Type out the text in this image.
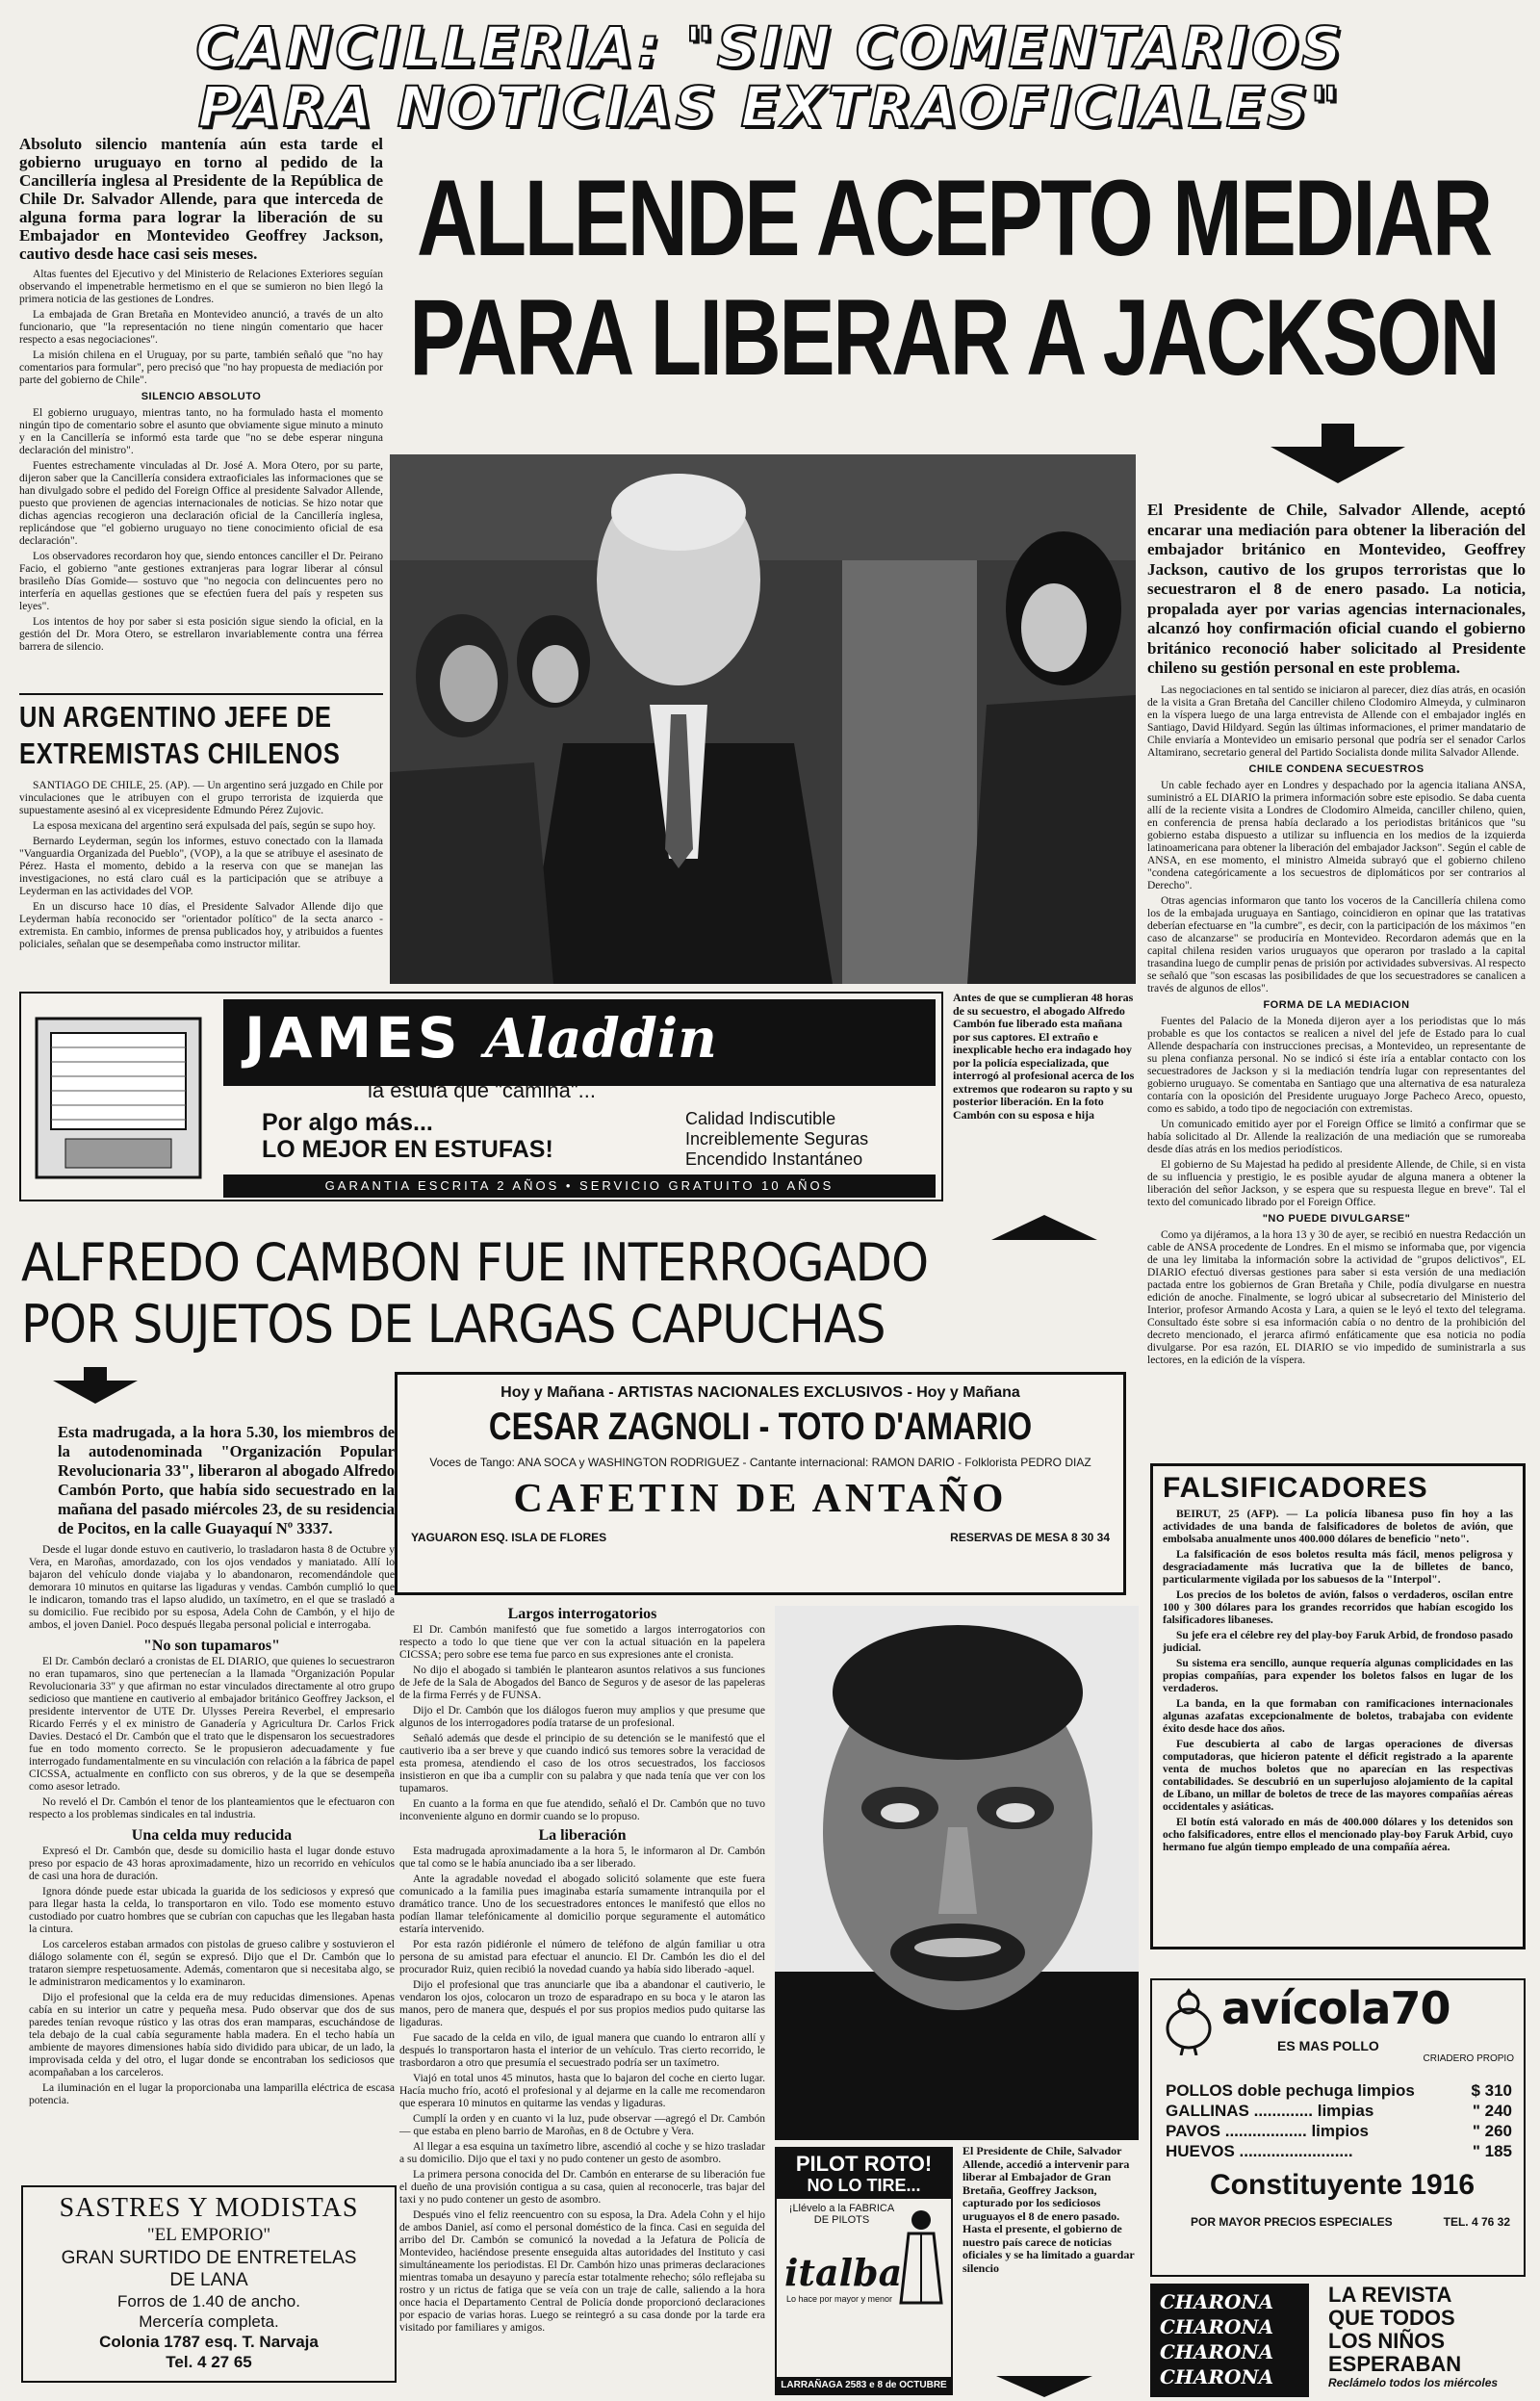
CANCILLERIA: "SIN COMENTARIOS
PARA NOTICIAS EXTRAOFICIALES"

Absoluto silencio mantenía aún esta tarde el gobierno uruguayo en torno al pedido de la Cancillería inglesa al Presidente de la República de Chile Dr. Salvador Allende, para que interceda de alguna forma para lograr la liberación de su Embajador en Montevideo Geoffrey Jackson, cautivo desde hace casi seis meses.

Altas fuentes del Ejecutivo y del Ministerio de Relaciones Exteriores seguían observando el impenetrable hermetismo en el que se sumieron no bien llegó la primera noticia de las gestiones de Londres.

La embajada de Gran Bretaña en Montevideo anunció, a través de un alto funcionario, que "la representación no tiene ningún comentario que hacer respecto a esas negociaciones".

La misión chilena en el Uruguay, por su parte, también señaló que "no hay comentarios para formular", pero precisó que "no hay propuesta de mediación por parte del gobierno de Chile".

SILENCIO ABSOLUTO

El gobierno uruguayo, mientras tanto, no ha formulado hasta el momento ningún tipo de comentario sobre el asunto que obviamente sigue minuto a minuto y en la Cancillería se informó esta tarde que "no se debe esperar ninguna declaración del ministro".

Fuentes estrechamente vinculadas al Dr. José A. Mora Otero, por su parte, dijeron saber que la Cancillería considera extraoficiales las informaciones que se han divulgado sobre el pedido del Foreign Office al presidente Salvador Allende, puesto que provienen de agencias internacionales de noticias. Se hizo notar que dichas agencias recogieron una declaración oficial de la Cancillería inglesa, replicándose que "el gobierno uruguayo no tiene conocimiento oficial de esa declaración".

Los observadores recordaron hoy que, siendo entonces canciller el Dr. Peirano Facio, el gobierno "ante gestiones extranjeras para lograr liberar al cónsul brasileño Días Gomide— sostuvo que "no negocia con delincuentes pero no interfería en aquellas gestiones que se efectúen fuera del país y respeten sus leyes".

Los intentos de hoy por saber si esta posición sigue siendo la oficial, en la gestión del Dr. Mora Otero, se estrellaron invariablemente contra una férrea barrera de silencio.

UN ARGENTINO JEFE DE
EXTREMISTAS CHILENOS

SANTIAGO DE CHILE, 25. (AP). — Un argentino será juzgado en Chile por vinculaciones que le atribuyen con el grupo terrorista de izquierda que supuestamente asesinó al ex vicepresidente Edmundo Pérez Zujovic.

La esposa mexicana del argentino será expulsada del país, según se supo hoy.

Bernardo Leyderman, según los informes, estuvo conectado con la llamada "Vanguardia Organizada del Pueblo", (VOP), a la que se atribuye el asesinato de Pérez. Hasta el momento, debido a la reserva con que se manejan las investigaciones, no está claro cuál es la participación que se atribuye a Leyderman en las actividades del VOP.

En un discurso hace 10 días, el Presidente Salvador Allende dijo que Leyderman había reconocido ser "orientador político" de la secta anarco - extremista. En cambio, informes de prensa publicados hoy, y atribuidos a fuentes policiales, señalan que se desempeñaba como instructor militar.

ALLENDE ACEPTO MEDIAR
PARA LIBERAR A JACKSON

El Presidente de Chile, Salvador Allende, aceptó encarar una mediación para obtener la liberación del embajador británico en Montevideo, Geoffrey Jackson, cautivo de los grupos terroristas que lo secuestraron el 8 de enero pasado. La noticia, propalada ayer por varias agencias internacionales, alcanzó hoy confirmación oficial cuando el gobierno británico reconoció haber solicitado al Presidente chileno su gestión personal en este problema.

Las negociaciones en tal sentido se iniciaron al parecer, diez días atrás, en ocasión de la visita a Gran Bretaña del Canciller chileno Clodomiro Almeyda, y culminaron en la víspera luego de una larga entrevista de Allende con el embajador inglés en Santiago, David Hildyard. Según las últimas informaciones, el primer mandatario de Chile enviaría a Montevideo un emisario personal que podría ser el senador Carlos Altamirano, secretario general del Partido Socialista donde milita Salvador Allende.

CHILE CONDENA SECUESTROS

Un cable fechado ayer en Londres y despachado por la agencia italiana ANSA, suministró a EL DIARIO la primera información sobre este episodio. Se daba cuenta allí de la reciente visita a Londres de Clodomiro Almeida, canciller chileno, quien, en conferencia de prensa había declarado a los periodistas británicos que "su gobierno estaba dispuesto a utilizar su influencia en los medios de la izquierda latinoamericana para obtener la liberación del embajador Jackson". Según el cable de ANSA, en ese momento, el ministro Almeida subrayó que el gobierno chileno "condena categóricamente a los secuestros de diplomáticos por ser contrarios al Derecho".

Otras agencias informaron que tanto los voceros de la Cancillería chilena como los de la embajada uruguaya en Santiago, coincidieron en opinar que las tratativas deberían efectuarse en "la cumbre", es decir, con la participación de los máximos "en caso de alcanzarse" se produciría en Montevideo. Recordaron además que en la capital chilena residen varios uruguayos que operaron por traslado a la capital trasandina luego de cumplir penas de prisión por actividades subversivas. Al respecto se señaló que "son escasas las posibilidades de que los secuestradores se canalicen a través de algunos de ellos".

FORMA DE LA MEDIACION

Fuentes del Palacio de la Moneda dijeron ayer a los periodistas que lo más probable es que los contactos se realicen a nivel del jefe de Estado para lo cual Allende despacharía con instrucciones precisas, a Montevideo, un representante de su plena confianza personal. No se indicó si éste iría a entablar contacto con los secuestradores de Jackson y si la mediación tendría lugar con representantes del gobierno uruguayo. Se comentaba en Santiago que una alternativa de esa naturaleza contaría con la oposición del Presidente uruguayo Jorge Pacheco Areco, opuesto, como es sabido, a todo tipo de negociación con extremistas.

Un comunicado emitido ayer por el Foreign Office se limitó a confirmar que se había solicitado al Dr. Allende la realización de una mediación que se rumoreaba desde días atrás en los medios periodísticos.

El gobierno de Su Majestad ha pedido al presidente Allende, de Chile, si en vista de su influencia y prestigio, le es posible ayudar de alguna manera a obtener la liberación del señor Jackson, y se espera que su respuesta llegue en breve". Tal el texto del comunicado librado por el Foreign Office.

"NO PUEDE DIVULGARSE"

Como ya dijéramos, a la hora 13 y 30 de ayer, se recibió en nuestra Redacción un cable de ANSA procedente de Londres. En el mismo se informaba que, por vigencia de una ley limitaba la información sobre la actividad de "grupos delictivos", EL DIARIO efectuó diversas gestiones para saber si esta versión de una mediación pactada entre los gobiernos de Gran Bretaña y Chile, podía divulgarse en nuestra edición de anoche. Finalmente, se logró ubicar al subsecretario del Ministerio del Interior, profesor Armando Acosta y Lara, a quien se le leyó el texto del telegrama. Consultado éste sobre si esa información cabía o no dentro de la prohibición del decreto mencionado, el jerarca afirmó enfáticamente que esa noticia no podía divulgarse. Por esa razón, EL DIARIO se vio impedido de suministrarla a sus lectores, en la edición de la víspera.

Antes de que se cumplieran 48 horas de su secuestro, el abogado Alfredo Cambón fue liberado esta mañana por sus captores. El extraño e inexplicable hecho era indagado hoy por la policía especializada, que interrogó al profesional acerca de los extremos que rodearon su rapto y su posterior liberación. En la foto Cambón con su esposa e hija
JAMES Aladdin
la estufa que "camina"...
Por algo más...
LO MEJOR EN ESTUFAS!
Calidad Indiscutible
Increiblemente Seguras
Encendido Instantáneo
GARANTIA ESCRITA 2 AÑOS • SERVICIO GRATUITO 10 AÑOS
ALFREDO CAMBON FUE INTERROGADO
POR SUJETOS DE LARGAS CAPUCHAS

Esta madrugada, a la hora 5.30, los miembros de la autodenominada "Organización Popular Revolucionaria 33", liberaron al abogado Alfredo Cambón Porto, que había sido secuestrado en la mañana del pasado miércoles 23, de su residencia de Pocitos, en la calle Guayaquí Nº 3337.

Desde el lugar donde estuvo en cautiverio, lo trasladaron hasta 8 de Octubre y Vera, en Maroñas, amordazado, con los ojos vendados y maniatado. Allí lo bajaron del vehículo donde viajaba y lo abandonaron, recomendándole que demorara 10 minutos en quitarse las ligaduras y vendas. Cambón cumplió lo que le indicaron, tomando tras el lapso aludido, un taxímetro, en el que se trasladó a su domicilio. Fue recibido por su esposa, Adela Cohn de Cambón, y el hijo de ambos, el joven Daniel. Poco después llegaba personal policial e interrogaba.

"No son tupamaros"

El Dr. Cambón declaró a cronistas de EL DIARIO, que quienes lo secuestraron no eran tupamaros, sino que pertenecían a la llamada "Organización Popular Revolucionaria 33" y que afirman no estar vinculados directamente al otro grupo sedicioso que mantiene en cautiverio al embajador británico Geoffrey Jackson, el presidente interventor de UTE Dr. Ulysses Pereira Reverbel, el empresario Ricardo Ferrés y el ex ministro de Ganadería y Agricultura Dr. Carlos Frick Davies. Destacó el Dr. Cambón que el trato que le dispensaron los secuestradores fue en todo momento correcto. Se le propusieron adecuadamente y fue interrogado fundamentalmente en su vinculación con relación a la fábrica de papel CICSSA, actualmente en conflicto con sus obreros, y de la que se desempeña como asesor letrado.

No reveló el Dr. Cambón el tenor de los planteamientos que le efectuaron con respecto a los problemas sindicales en tal industria.

Una celda muy reducida

Expresó el Dr. Cambón que, desde su domicilio hasta el lugar donde estuvo preso por espacio de 43 horas aproximadamente, hizo un recorrido en vehículos de casi una hora de duración.

Ignora dónde puede estar ubicada la guarida de los sediciosos y expresó que para llegar hasta la celda, lo transportaron en vilo. Todo ese momento estuvo custodiado por cuatro hombres que se cubrían con capuchas que les llegaban hasta la cintura.

Los carceleros estaban armados con pistolas de grueso calibre y sostuvieron el diálogo solamente con él, según se expresó. Dijo que el Dr. Cambón que lo trataron siempre respetuosamente. Además, comentaron que si necesitaba algo, se le administraron medicamentos y lo examinaron.

Dijo el profesional que la celda era de muy reducidas dimensiones. Apenas cabía en su interior un catre y pequeña mesa. Pudo observar que dos de sus paredes tenían revoque rústico y las otras dos eran mamparas, escuchándose de tela debajo de la cual cabía seguramente habla madera. En el techo había un ambiente de mayores dimensiones había sido dividido para ubicar, de un lado, la improvisada celda y del otro, el lugar donde se encontraban los sediciosos que acompañaban a los carceleros.

La iluminación en el lugar la proporcionaba una lamparilla eléctrica de escasa potencia.

Hoy y Mañana - ARTISTAS NACIONALES EXCLUSIVOS - Hoy y Mañana
CESAR ZAGNOLI - TOTO D'AMARIO
Voces de Tango: ANA SOCA y WASHINGTON RODRIGUEZ - Cantante internacional: RAMON DARIO - Folklorista PEDRO DIAZ
CAFETIN DE ANTAÑO
YAGUARON ESQ. ISLA DE FLORES	RESERVAS DE MESA 8 30 34
Largos interrogatorios

El Dr. Cambón manifestó que fue sometido a largos interrogatorios con respecto a todo lo que tiene que ver con la actual situación en la papelera CICSSA; pero sobre ese tema fue parco en sus expresiones ante el cronista.

No dijo el abogado si también le plantearon asuntos relativos a sus funciones de Jefe de la Sala de Abogados del Banco de Seguros y de asesor de las papeleras de la firma Ferrés y de FUNSA.

Dijo el Dr. Cambón que los diálogos fueron muy amplios y que presume que algunos de los interrogadores podía tratarse de un profesional.

Señaló además que desde el principio de su detención se le manifestó que el cautiverio iba a ser breve y que cuando indicó sus temores sobre la veracidad de esta promesa, atendiendo el caso de los otros secuestrados, los facciosos insistieron en que iba a cumplir con su palabra y que nada tenía que ver con los tupamaros.

En cuanto a la forma en que fue atendido, señaló el Dr. Cambón que no tuvo inconveniente alguno en dormir cuando se lo propuso.

La liberación

Esta madrugada aproximadamente a la hora 5, le informaron al Dr. Cambón que tal como se le había anunciado iba a ser liberado.

Ante la agradable novedad el abogado solicitó solamente que este fuera comunicado a la familia pues imaginaba estaría sumamente intranquila por el dramático trance. Uno de los secuestradores entonces le manifestó que ellos no podían llamar telefónicamente al domicilio porque seguramente el automático estaría intervenido.

Por esta razón pidiéronle el número de teléfono de algún familiar u otra persona de su amistad para efectuar el anuncio. El Dr. Cambón les dio el del procurador Ruiz, quien recibió la novedad cuando ya había sido liberado -aquel.

Dijo el profesional que tras anunciarle que iba a abandonar el cautiverio, le vendaron los ojos, colocaron un trozo de esparadrapo en su boca y le ataron las manos, pero de manera que, después el por sus propios medios pudo quitarse las ligaduras.

Fue sacado de la celda en vilo, de igual manera que cuando lo entraron allí y después lo transportaron hasta el interior de un vehículo. Tras cierto recorrido, le trasbordaron a otro que presumía el secuestrado podría ser un taxímetro.

Viajó en total unos 45 minutos, hasta que lo bajaron del coche en cierto lugar. Hacía mucho frío, acotó el profesional y al dejarme en la calle me recomendaron que esperara 10 minutos en quitarme las vendas y ligaduras.

Cumplí la orden y en cuanto vi la luz, pude observar —agregó el Dr. Cambón— que estaba en pleno barrio de Maroñas, en 8 de Octubre y Vera.

Al llegar a esa esquina un taxímetro libre, ascendió al coche y se hizo trasladar a su domicilio. Dijo que el taxi y no pudo contener un gesto de asombro.

La primera persona conocida del Dr. Cambón en enterarse de su liberación fue el dueño de una provisión contigua a su casa, quien al reconocerle, tras bajar del taxi y no pudo contener un gesto de asombro.

Después vino el feliz reencuentro con su esposa, la Dra. Adela Cohn y el hijo de ambos Daniel, así como el personal doméstico de la finca. Casi en seguida del arribo del Dr. Cambón se comunicó la novedad a la Jefatura de Policía de Montevideo, haciéndose presente enseguida altas autoridades del Instituto y casi simultáneamente los periodistas. El Dr. Cambón hizo unas primeras declaraciones mientras tomaba un desayuno y parecía estar totalmente rehecho; sólo reflejaba su rostro y un rictus de fatiga que se veía con un traje de calle, saliendo a la hora once hacia el Departamento Central de Policía donde proporcionó declaraciones por espacio de varias horas. Luego se reintegró a su casa donde por la tarde era visitado por familiares y amigos.

PILOT ROTO!
NO LO TIRE...
¡Llévelo a la FABRICA DE PILOTS
italba
Lo hace por mayor y menor
LARRAÑAGA 2583 e 8 de OCTUBRE
El Presidente de Chile, Salvador Allende, accedió a intervenir para liberar al Embajador de Gran Bretaña, Geoffrey Jackson, capturado por los sediciosos uruguayos el 8 de enero pasado. Hasta el presente, el gobierno de nuestro país carece de noticias oficiales y se ha limitado a guardar silencio
FALSIFICADORES

BEIRUT, 25 (AFP). — La policía libanesa puso fin hoy a las actividades de una banda de falsificadores de boletos de avión, que embolsaba anualmente unos 400.000 dólares de beneficio "neto".

La falsificación de esos boletos resulta más fácil, menos peligrosa y desgraciadamente más lucrativa que la de billetes de banco, particularmente vigilada por los sabuesos de la "Interpol".

Los precios de los boletos de avión, falsos o verdaderos, oscilan entre 100 y 300 dólares para los grandes recorridos que habían escogido los falsificadores libaneses.

Su jefe era el célebre rey del play-boy Faruk Arbid, de frondoso pasado judicial.

Su sistema era sencillo, aunque requería algunas complicidades en las propias compañías, para expender los boletos falsos en lugar de los verdaderos.

La banda, en la que formaban con ramificaciones internacionales algunas azafatas excepcionalmente de boletos, trabajaba con evidente éxito desde hace dos años.

Fue descubierta al cabo de largas operaciones de diversas computadoras, que hicieron patente el déficit registrado a la aparente venta de muchos boletos que no aparecían en las respectivas contabilidades. Se descubrió en un superlujoso alojamiento de la capital de Líbano, un millar de boletos de trece de las mayores compañías aéreas occidentales y asiáticas.

El botín está valorado en más de 400.000 dólares y los detenidos son ocho falsificadores, entre ellos el mencionado play-boy Faruk Arbid, cuyo hermano fue algún tiempo empleado de una compañía aérea.

avícola70
ES MAS POLLO
CRIADERO PROPIO
POLLOS doble pechuga limpios	$ 310
GALLINAS ............. limpias	" 240
PAVOS .................. limpios	" 260
HUEVOS .........................	" 185
Constituyente 1916
POR MAYOR PRECIOS ESPECIALES	TEL. 4 76 32
CHARONA
CHARONA
CHARONA
CHARONA
LA REVISTA
QUE TODOS
LOS NIÑOS
ESPERABAN
Reclámelo todos los miércoles
SASTRES Y MODISTAS
"EL EMPORIO"
GRAN SURTIDO DE ENTRETELAS
DE LANA
Forros de 1.40 de ancho.
Mercería completa.
Colonia 1787 esq. T. Narvaja
Tel. 4 27 65
